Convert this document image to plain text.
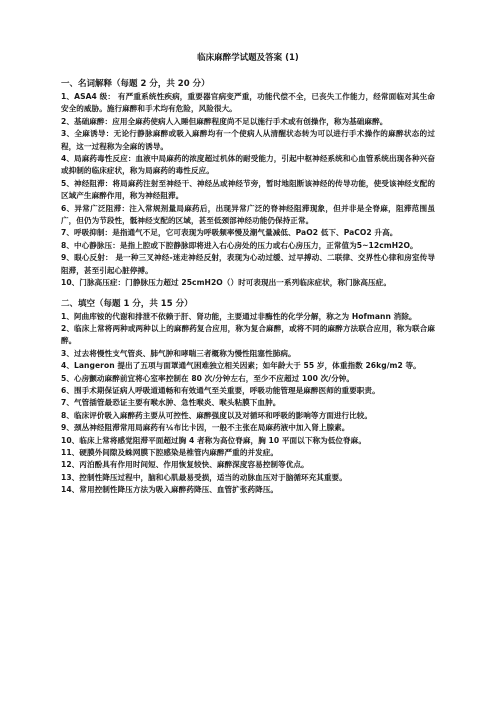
临床麻醉学试题及答案 (1)
一、名词解释（每题 2 分，共 20 分）

1、ASA4 级： 有严重系统性疾病，重要器官病变严重，功能代偿不全，已丧失工作能力，经常面临对其生命安全的威胁。施行麻醉和手术均有危险，风险很大。

2、基础麻醉：应用全麻药使病人入睡但麻醉程度尚不足以施行手术或有创操作，称为基础麻醉。

3、全麻诱导：无论行静脉麻醉或吸入麻醉均有一个使病人从清醒状态转为可以进行手术操作的麻醉状态的过程，这一过程称为全麻的诱导。

4、局麻药毒性反应：血液中局麻药的浓度超过机体的耐受能力，引起中枢神经系统和心血管系统出现各种兴奋或抑制的临床症状，称为局麻药的毒性反应。

5、神经阻滞：将局麻药注射至神经干、神经丛或神经节旁，暂时地阻断该神经的传导功能，使受该神经支配的区域产生麻醉作用，称为神经阻滞。

6、异常广泛阻滞：注入常规剂量局麻药后，出现异常广泛的脊神经阻滞现象，但并非是全脊麻，阻滞范围虽广，但仍为节段性，骶神经支配的区域，甚至低颈部神经功能仍保持正常。

7、呼吸抑制：是指通气不足，它可表现为呼吸频率慢及潮气量减低、PaO2 低下、PaCO2 升高。

8、中心静脉压：是指上腔或下腔静脉即将进入右心房处的压力或右心房压力，正常值为5~12cmH2O。

9、眼心反射： 是一种三叉神经-迷走神经反射，表现为心动过缓、过早搏动、二联律、交界性心律和房室传导阻滞，甚至引起心脏停搏。

10、门脉高压症：门静脉压力超过 25cmH2O（）时可表现出一系列临床症状，称门脉高压症。

二、填空（每题 1 分，共 15 分）

1、阿曲库铵的代谢和排泄不依赖于肝、肾功能，主要通过非酶性的化学分解，称之为 Hofmann 消除。

2、临床上常将两种或两种以上的麻醉药复合应用，称为复合麻醉，或将不同的麻醉方法联合应用，称为联合麻醉。

3、过去将慢性支气管炎、肺气肿和哮喘三者概称为慢性阻塞性肺病。

4、Langeron 提出了五项与面罩通气困难独立相关因素；如年龄大于 55 岁，体重指数 26kg/m2 等。

5、心房颤动麻醉前宜将心室率控制在 80 次/分钟左右，至少不应超过 100 次/分钟。

6、围手术期保证病人呼吸道通畅和有效通气至关重要，呼吸功能管理是麻醉医师的重要职责。

7、气管插管最恐证主要有喉水肿、急性喉炎、喉头粘膜下血肿。

8、临床评价吸入麻醉药主要从可控性、麻醉强度以及对循环和呼吸的影响等方面进行比较。

9、颈丛神经阻滞常用局麻药有¼布比卡因，一般不主张在局麻药液中加入肾上腺素。

10、临床上常将感觉阻滞平面超过胸 4 者称为高位脊麻，胸 10 平面以下称为低位脊麻。

11、硬膜外间隙及蛛网膜下腔感染是椎管内麻醉严重的并发症。

12、丙泊酚具有作用时间短、作用恢复较快、麻醉深度容易控制等优点。

13、控制性降压过程中，脑和心肌最易受损，适当的动脉血压对于脑循环充其重要。

14、常用控制性降压方法为吸入麻醉药降压、血管扩张药降压。
